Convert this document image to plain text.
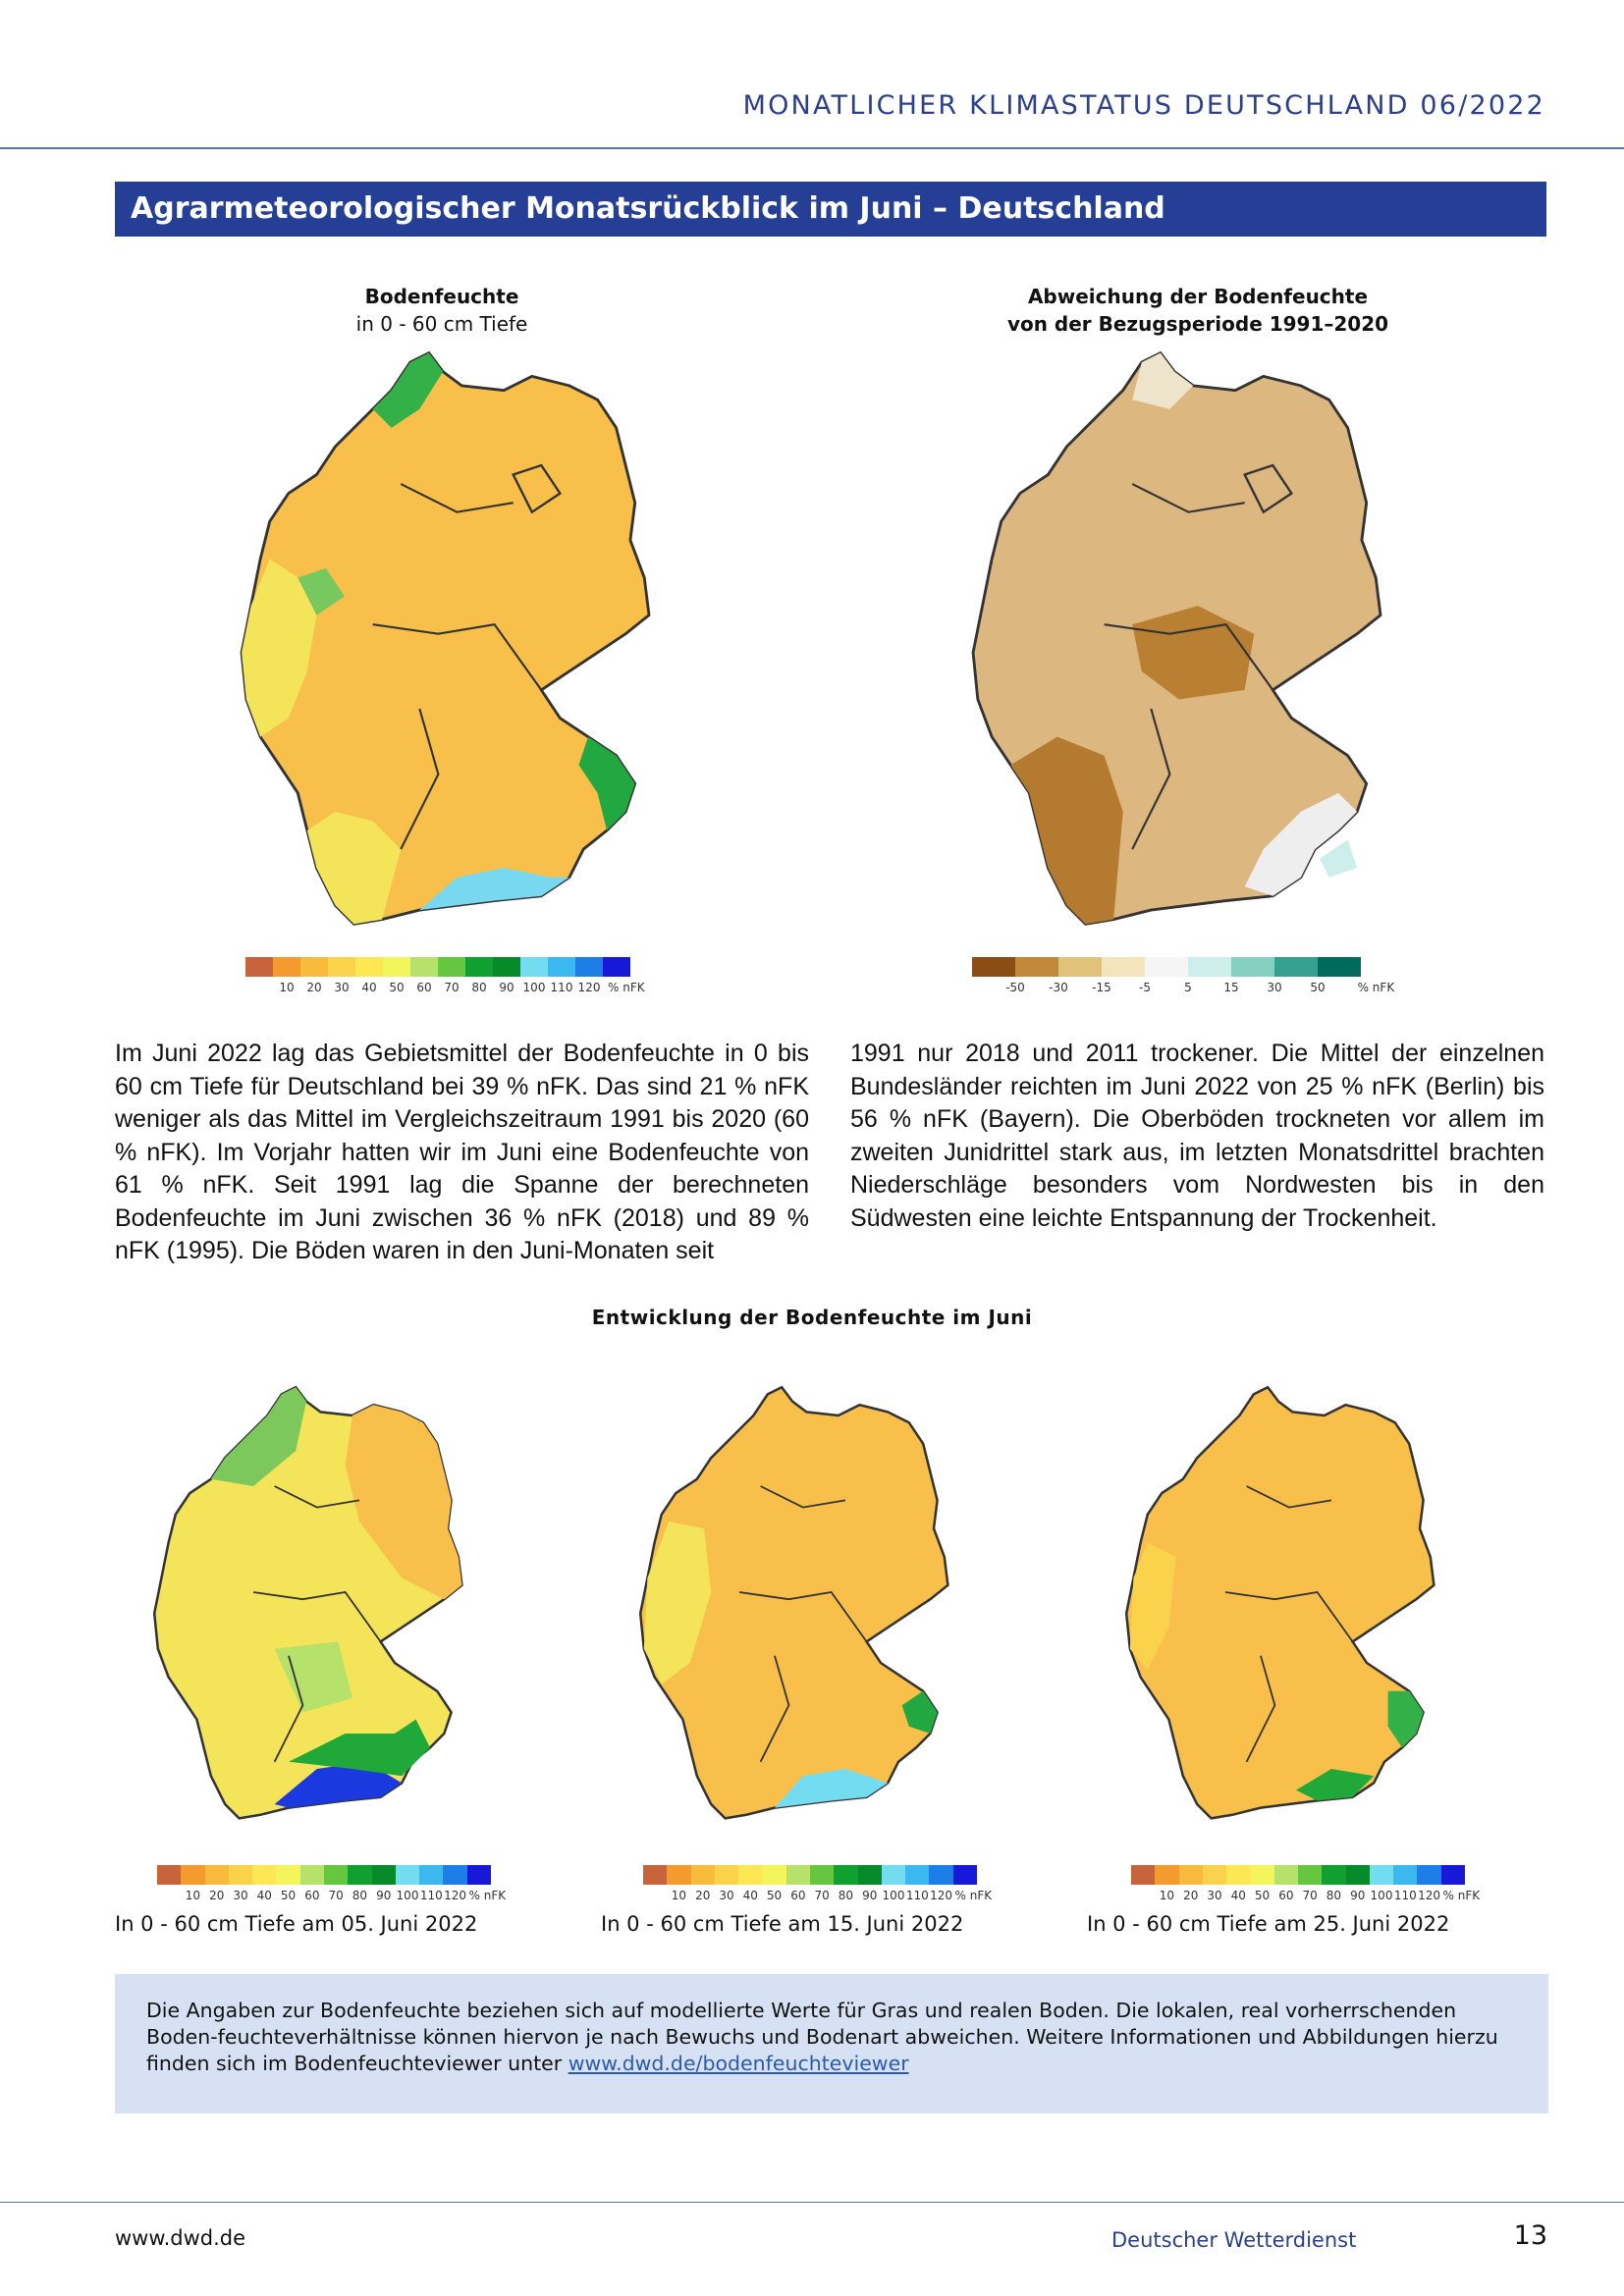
MONATLICHER KLIMASTATUS DEUTSCHLAND 06/2022
Agrarmeteorologischer Monatsrückblick im Juni – Deutschland
Bodenfeuchte
in 0 - 60 cm Tiefe
10 20 30 40 50 60 70 80 90 100 110 120 % nFK
Abweichung der Bodenfeuchte
von der Bezugsperiode 1991–2020
-50 -30 -15 -5	5	15 30 50	% nFK
Im Juni 2022 lag das Gebietsmittel der Bodenfeuchte in 0 bis 60 cm Tiefe für Deutschland bei 39 % nFK. Das sind 21 % nFK weniger als das Mittel im Vergleichszeitraum 1991 bis 2020 (60 % nFK). Im Vorjahr hatten wir im Juni eine Bodenfeuchte von 61 % nFK. Seit 1991 lag die Spanne der berechneten Bodenfeuchte im Juni zwischen 36 % nFK (2018) und 89 % nFK (1995). Die Böden waren in den Juni-Monaten seit
1991 nur 2018 und 2011 trockener. Die Mittel der einzelnen Bundesländer reichten im Juni 2022 von 25 % nFK (Berlin) bis 56 % nFK (Bayern). Die Oberböden trockneten vor allem im zweiten Junidrittel stark aus, im letzten Monatsdrittel brachten Niederschläge besonders vom Nordwesten bis in den Südwesten eine leichte Entspannung der Trockenheit.
Entwicklung der Bodenfeuchte im Juni
10 20 30 40 50 60 70 80 90 100 110 120 % nFK	10 20 30 40 50 60 70 80 90 100 110 120 % nFK	10 20 30 40 50 60 70 80 90 100 110 120 % nFK
In 0 - 60 cm Tiefe am 05. Juni 2022	In 0 - 60 cm Tiefe am 15. Juni 2022	In 0 - 60 cm Tiefe am 25. Juni 2022
Die Angaben zur Bodenfeuchte beziehen sich auf modellierte Werte für Gras und realen Boden. Die lokalen, real vorherrschenden Boden-feuchteverhältnisse können hiervon je nach Bewuchs und Bodenart abweichen. Weitere Informationen und Abbildungen hierzu finden sich im Bodenfeuchteviewer unter www.dwd.de/bodenfeuchteviewer
www.dwd.de	Deutscher Wetterdienst	13
